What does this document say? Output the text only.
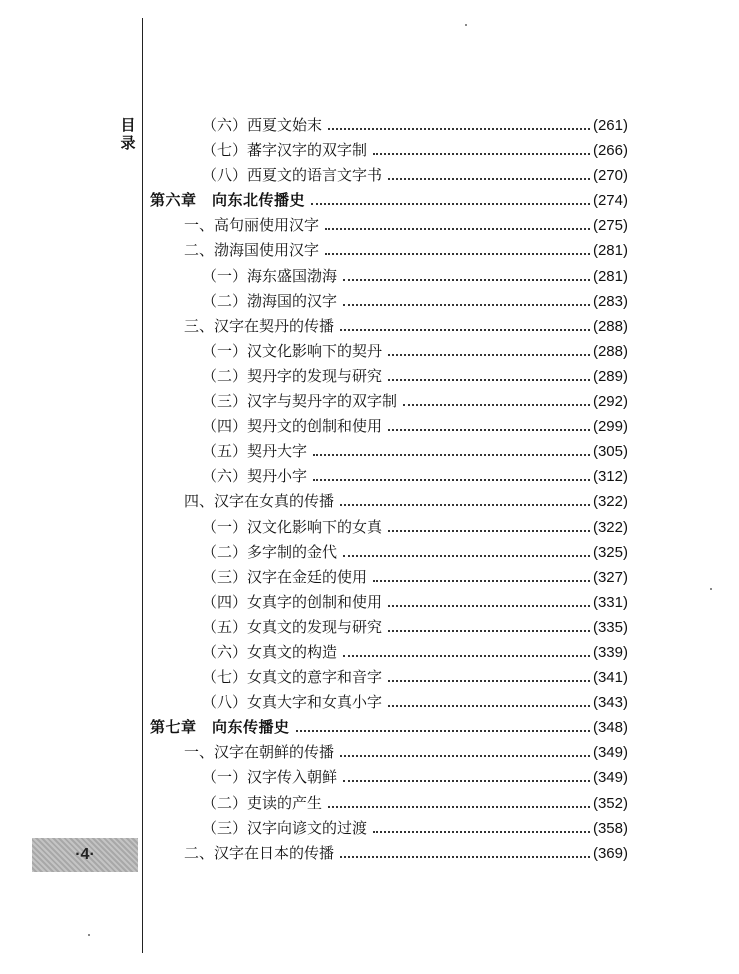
目录
·4·
（六）西夏文始末	(261)
（七）蕃字汉字的双字制	(266)
（八）西夏文的语言文字书	(270)
第六章　向东北传播史	(274)
一、高句丽使用汉字	(275)
二、渤海国使用汉字	(281)
（一）海东盛国渤海	(281)
（二）渤海国的汉字	(283)
三、汉字在契丹的传播	(288)
（一）汉文化影响下的契丹	(288)
（二）契丹字的发现与研究	(289)
（三）汉字与契丹字的双字制	(292)
（四）契丹文的创制和使用	(299)
（五）契丹大字	(305)
（六）契丹小字	(312)
四、汉字在女真的传播	(322)
（一）汉文化影响下的女真	(322)
（二）多字制的金代	(325)
（三）汉字在金廷的使用	(327)
（四）女真字的创制和使用	(331)
（五）女真文的发现与研究	(335)
（六）女真文的构造	(339)
（七）女真文的意字和音字	(341)
（八）女真大字和女真小字	(343)
第七章　向东传播史	(348)
一、汉字在朝鲜的传播	(349)
（一）汉字传入朝鲜	(349)
（二）吏读的产生	(352)
（三）汉字向谚文的过渡	(358)
二、汉字在日本的传播	(369)
